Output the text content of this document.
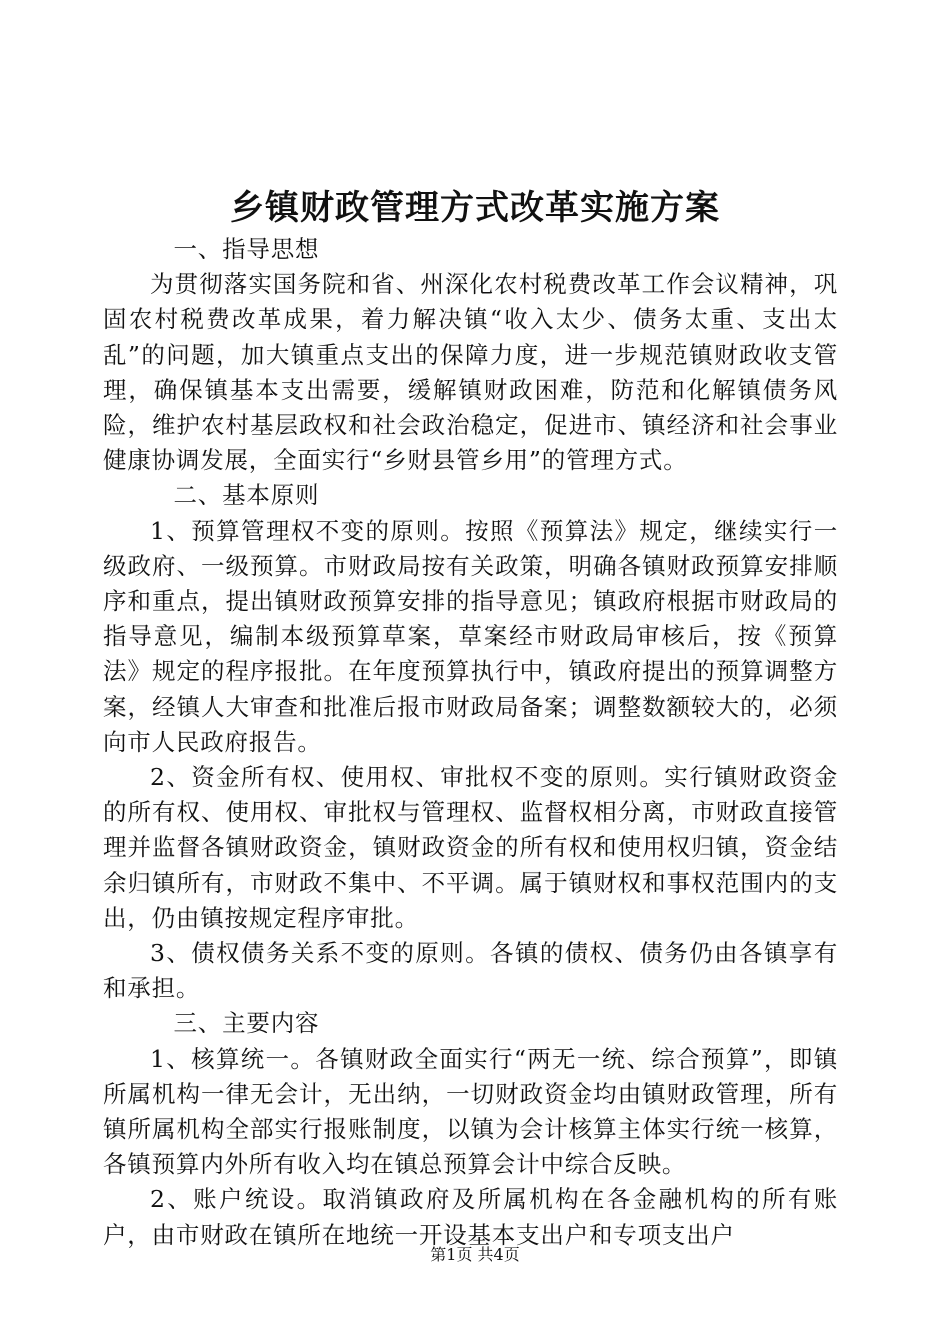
乡镇财政管理方式改革实施方案

一、指导思想

为贯彻落实国务院和省、州深化农村税费改革工作会议精神，巩固农村税费改革成果，着力解决镇“收入太少、债务太重、支出太乱”的问题，加大镇重点支出的保障力度，进一步规范镇财政收支管理，确保镇基本支出需要，缓解镇财政困难，防范和化解镇债务风险，维护农村基层政权和社会政治稳定，促进市、镇经济和社会事业健康协调发展，全面实行“乡财县管乡用”的管理方式。

二、基本原则

1、预算管理权不变的原则。按照《预算法》规定，继续实行一级政府、一级预算。市财政局按有关政策，明确各镇财政预算安排顺序和重点，提出镇财政预算安排的指导意见；镇政府根据市财政局的指导意见，编制本级预算草案，草案经市财政局审核后，按《预算法》规定的程序报批。在年度预算执行中，镇政府提出的预算调整方案，经镇人大审查和批准后报市财政局备案；调整数额较大的，必须向市人民政府报告。

2、资金所有权、使用权、审批权不变的原则。实行镇财政资金的所有权、使用权、审批权与管理权、监督权相分离，市财政直接管理并监督各镇财政资金，镇财政资金的所有权和使用权归镇，资金结余归镇所有，市财政不集中、不平调。属于镇财权和事权范围内的支出，仍由镇按规定程序审批。

3、债权债务关系不变的原则。各镇的债权、债务仍由各镇享有和承担。

三、主要内容

1、核算统一。各镇财政全面实行“两无一统、综合预算”，即镇所属机构一律无会计，无出纳，一切财政资金均由镇财政管理，所有镇所属机构全部实行报账制度，以镇为会计核算主体实行统一核算，各镇预算内外所有收入均在镇总预算会计中综合反映。

2、账户统设。取消镇政府及所属机构在各金融机构的所有账户，由市财政在镇所在地统一开设基本支出户和专项支出户

第1页 共4页
